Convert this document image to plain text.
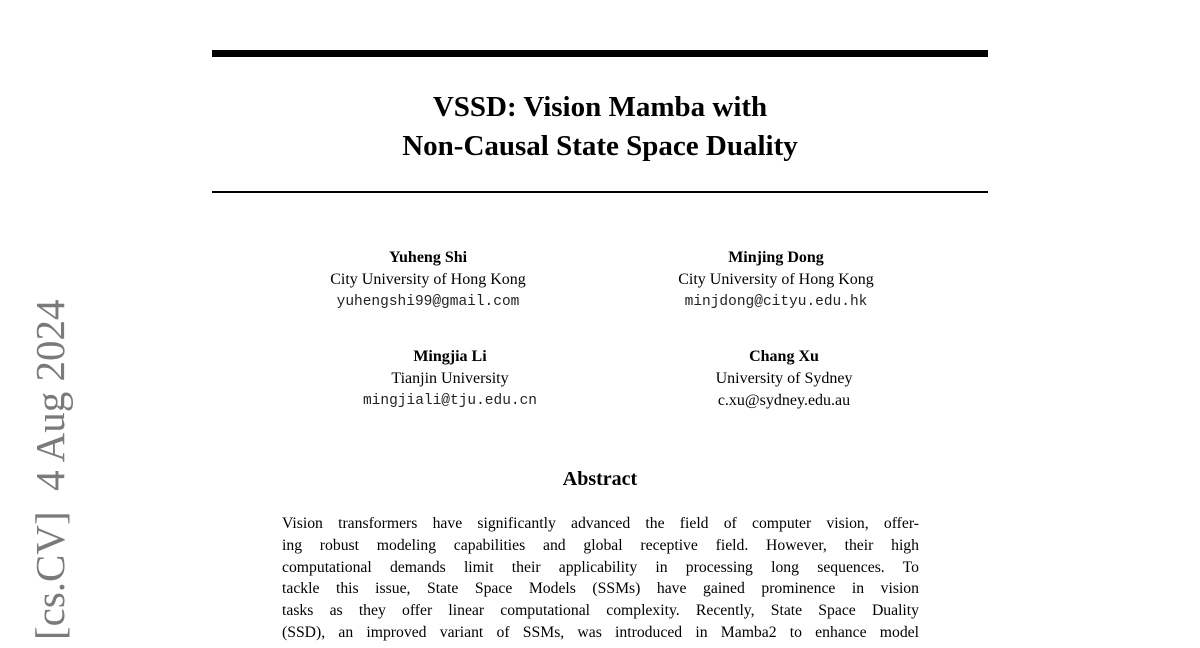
[cs.CV]  4 Aug 2024
VSSD: Vision Mamba with
Non-Causal State Space Duality
Yuheng Shi
City University of Hong Kong
yuhengshi99@gmail.com
Minjing Dong
City University of Hong Kong
minjdong@cityu.edu.hk
Mingjia Li
Tianjin University
mingjiali@tju.edu.cn
Chang Xu
University of Sydney
c.xu@sydney.edu.au
Abstract
Vision transformers have significantly advanced the field of computer vision, offer-
ing robust modeling capabilities and global receptive field. However, their high
computational demands limit their applicability in processing long sequences. To
tackle this issue, State Space Models (SSMs) have gained prominence in vision
tasks as they offer linear computational complexity. Recently, State Space Duality
(SSD), an improved variant of SSMs, was introduced in Mamba2 to enhance model
